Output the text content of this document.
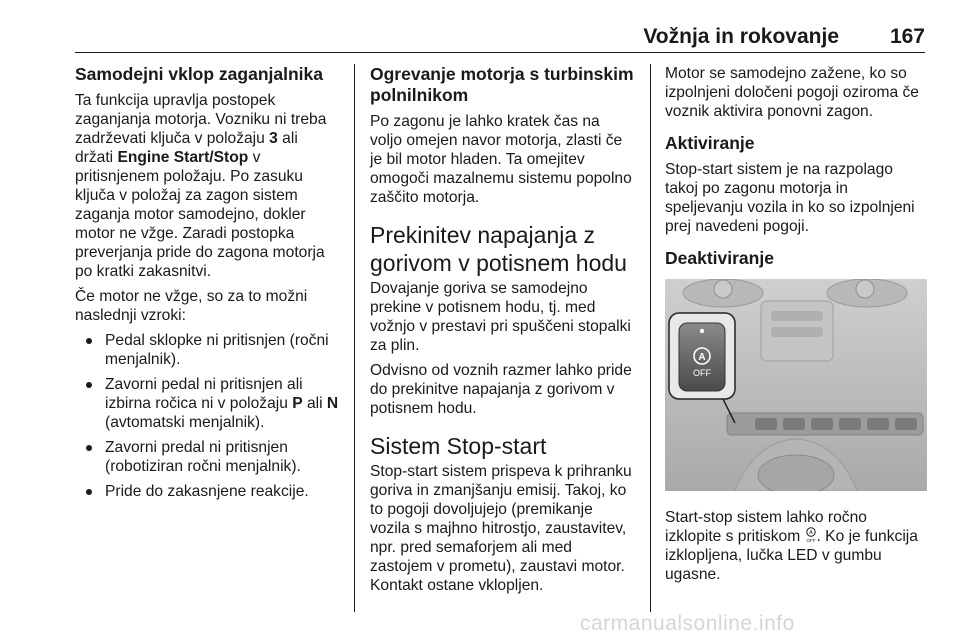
Vožnja in rokovanje 167
Samodejni vklop zaganjalnika

Ta funkcija upravlja postopek zaganjanja motorja. Vozniku ni treba zadrževati ključa v položaju 3 ali držati Engine Start/Stop v pritisnjenem položaju. Po zasuku ključa v položaj za zagon sistem zaganja motor samodejno, dokler motor ne vžge. Zaradi postopka preverjanja pride do zagona motorja po kratki zakasnitvi.

Če motor ne vžge, so za to možni naslednji vzroki:

Pedal sklopke ni pritisnjen (ročni menjalnik).
Zavorni pedal ni pritisnjen ali izbirna ročica ni v položaju P ali N (avtomatski menjalnik).
Zavorni predal ni pritisnjen (robotiziran ročni menjalnik).
Pride do zakasnjene reakcije.
Ogrevanje motorja s turbinskim polnilnikom

Po zagonu je lahko kratek čas na voljo omejen navor motorja, zlasti če je bil motor hladen. Ta omejitev omogoči mazalnemu sistemu popolno zaščito motorja.

Prekinitev napajanja z gorivom v potisnem hodu

Dovajanje goriva se samodejno prekine v potisnem hodu, tj. med vožnjo v prestavi pri spuščeni stopalki za plin.

Odvisno od voznih razmer lahko pride do prekinitve napajanja z gorivom v potisnem hodu.

Sistem Stop-start

Stop-start sistem prispeva k prihranku goriva in zmanjšanju emisij. Takoj, ko to pogoji dovoljujejo (premikanje vozila s majhno hitrostjo, zaustavitev, npr. pred semaforjem ali med zastojem v prometu), zaustavi motor. Kontakt ostane vklopljen.

Motor se samodejno zažene, ko so izpolnjeni določeni pogoji oziroma če voznik aktivira ponovni zagon.

Aktiviranje

Stop-start sistem je na razpolago takoj po zagonu motorja in speljevanju vozila in ko so izpolnjeni prej navedeni pogoji.

Deaktiviranje
A
OFF

Start-stop sistem lahko ročno izklopite s pritiskom A
OFF . Ko je funkcija izklopljena, lučka LED v gumbu ugasne.

carmanualsonline.info
